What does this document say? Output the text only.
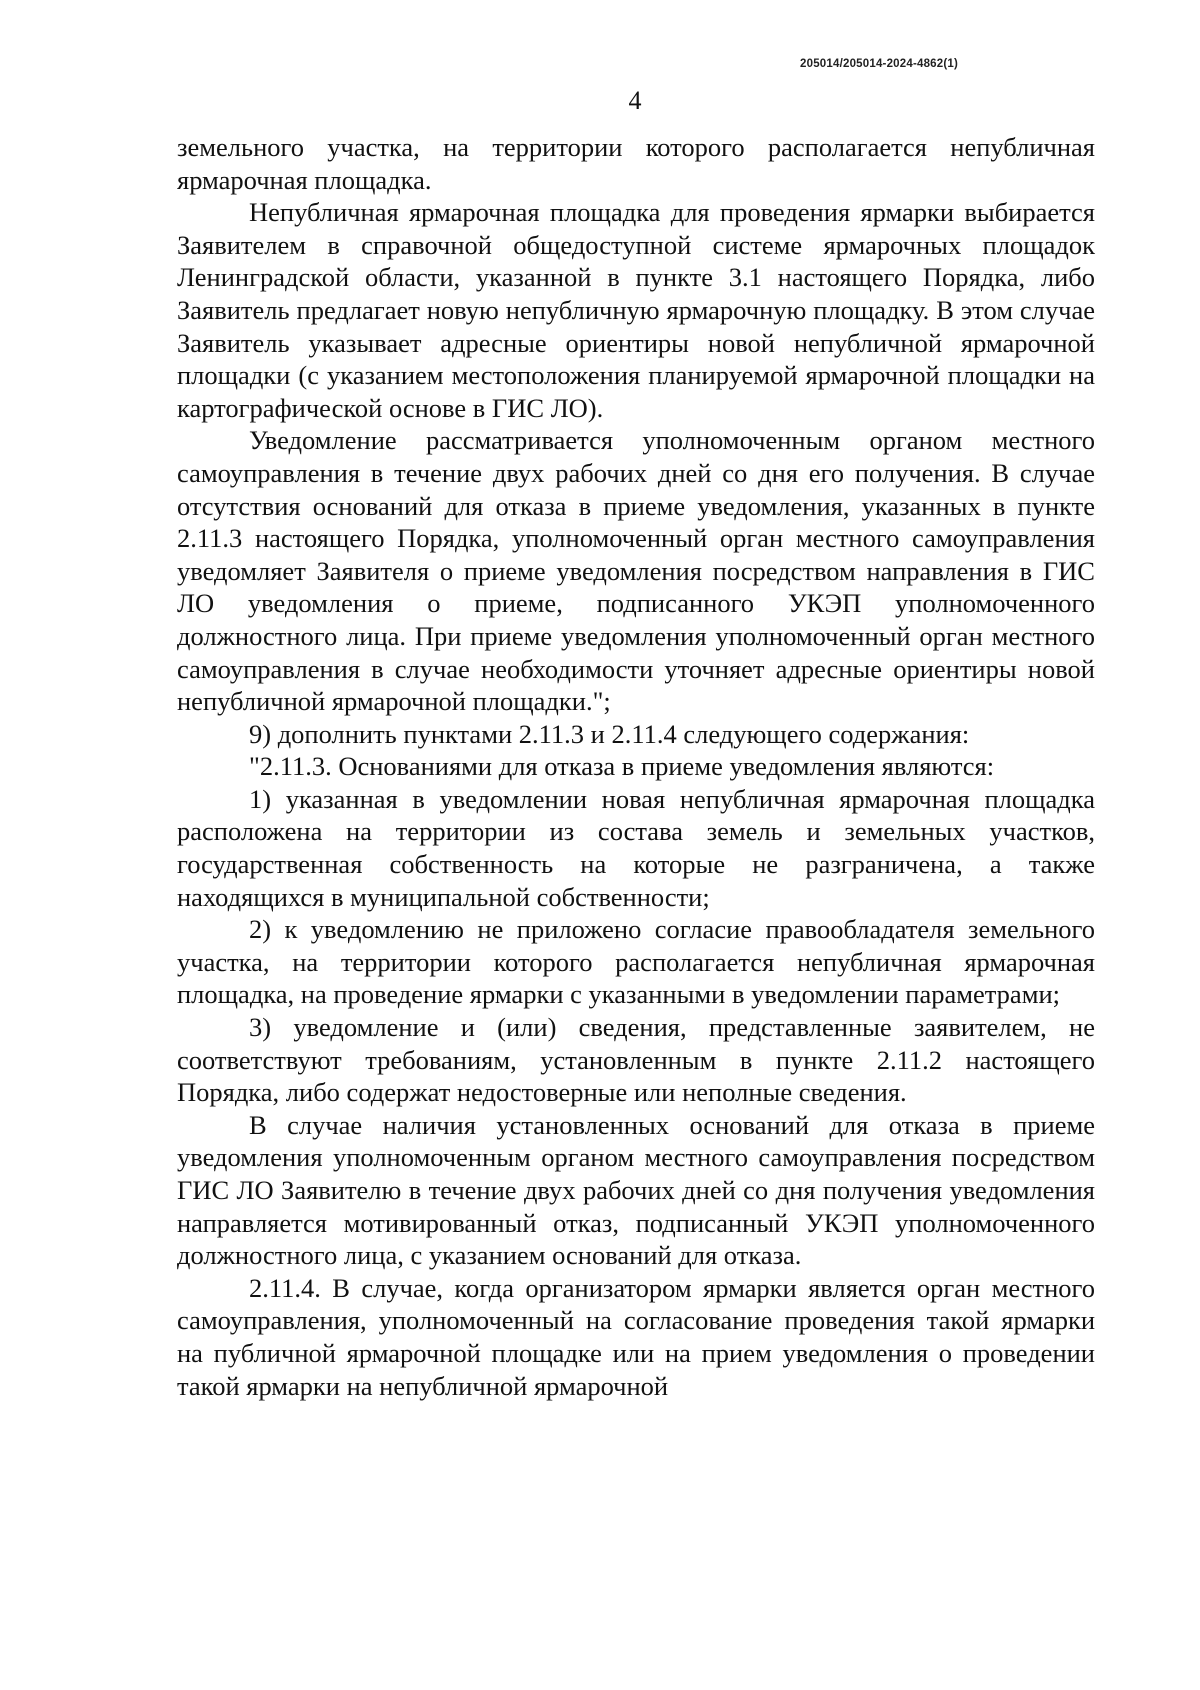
205014/205014-2024-4862(1)
4

земельного участка, на территории которого располагается непубличная ярмарочная площадка.

Непубличная ярмарочная площадка для проведения ярмарки выбирается Заявителем в справочной общедоступной системе ярмарочных площадок Ленинградской области, указанной в пункте 3.1 настоящего Порядка, либо Заявитель предлагает новую непубличную ярмарочную площадку. В этом случае Заявитель указывает адресные ориентиры новой непубличной ярмарочной площадки (с указанием местоположения планируемой ярмарочной площадки на картографической основе в ГИС ЛО).

Уведомление рассматривается уполномоченным органом местного самоуправления в течение двух рабочих дней со дня его получения. В случае отсутствия оснований для отказа в приеме уведомления, указанных в пункте 2.11.3 настоящего Порядка, уполномоченный орган местного самоуправления уведомляет Заявителя о приеме уведомления посредством направления в ГИС ЛО уведомления о приеме, подписанного УКЭП уполномоченного должностного лица. При приеме уведомления уполномоченный орган местного самоуправления в случае необходимости уточняет адресные ориентиры новой непубличной ярмарочной площадки.";

9) дополнить пунктами 2.11.3 и 2.11.4 следующего содержания:

"2.11.3. Основаниями для отказа в приеме уведомления являются:

1) указанная в уведомлении новая непубличная ярмарочная площадка расположена на территории из состава земель и земельных участков, государственная собственность на которые не разграничена, а также находящихся в муниципальной собственности;

2) к уведомлению не приложено согласие правообладателя земельного участка, на территории которого располагается непубличная ярмарочная площадка, на проведение ярмарки с указанными в уведомлении параметрами;

3) уведомление и (или) сведения, представленные заявителем, не соответствуют требованиям, установленным в пункте 2.11.2 настоящего Порядка, либо содержат недостоверные или неполные сведения.

В случае наличия установленных оснований для отказа в приеме уведомления уполномоченным органом местного самоуправления посредством ГИС ЛО Заявителю в течение двух рабочих дней со дня получения уведомления направляется мотивированный отказ, подписанный УКЭП уполномоченного должностного лица, с указанием оснований для отказа.

2.11.4. В случае, когда организатором ярмарки является орган местного самоуправления, уполномоченный на согласование проведения такой ярмарки на публичной ярмарочной площадке или на прием уведомления о проведении такой ярмарки на непубличной ярмарочной
